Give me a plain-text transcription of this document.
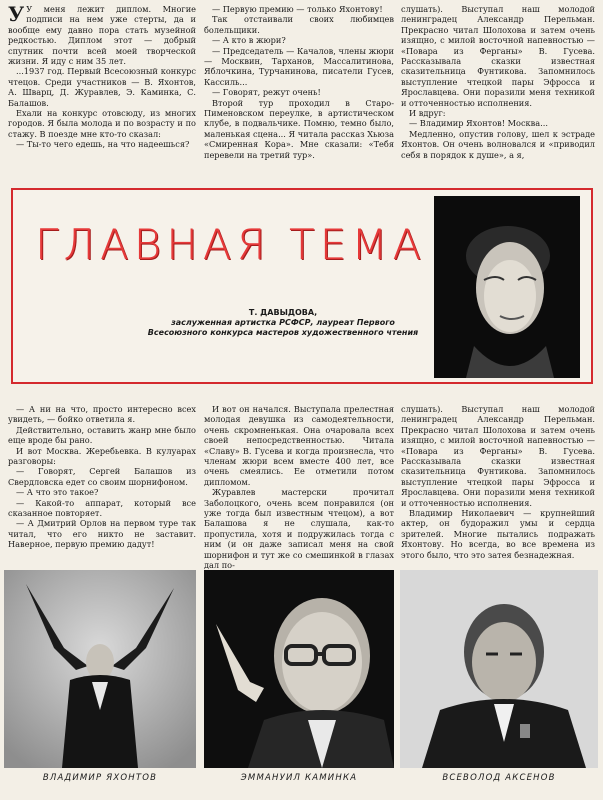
У У меня лежит диплом. Многие подписи на нем уже стерты, да и вообще ему давно пора стать музейной редкостью. Диплом этот — добрый спутник почти всей моей творческой жизни. Я иду с ним 35 лет.

...1937 год. Первый Всесоюзный конкурс чтецов. Среди участников — В. Яхонтов, А. Шварц, Д. Журавлев, Э. Каминка, С. Балашов.

Ехали на конкурс отовсюду, из многих городов. Я была молода и по возрасту и по стажу. В поезде мне кто-то сказал:

— Ты-то чего едешь, на что надеешься?

— Первую премию — только Яхонтову!

Так отстаивали своих любимцев болельщики.

— А кто в жюри?

— Председатель — Качалов, члены жюри — Москвин, Тарханов, Массалитинова, Яблочкина, Турчанинова, писатели Гусев, Кассиль...

— Говорят, режут очень!

Второй тур проходил в Старо-Пименовском переулке, в артистическом клубе, в подвальчике. Помню, темно было, маленькая сцена... Я читала рассказ Хьюза «Смиренная Кора». Мне сказали: «Тебя перевели на третий тур».

слушать). Выступал наш молодой ленинградец Александр Перельман. Прекрасно читал Шолохова и затем очень изящно, с милой восточной напевностью — «Повара из Ферганы» В. Гусева. Рассказывала сказки известная сказительница Фунтикова. Запомнилось выступление чтецкой пары Эфросса и Ярославцева. Они поразили меня техникой и отточенностью исполнения.

И вдруг:

— Владимир Яхонтов! Москва...

Медленно, опустив голову, шел к эстраде Яхонтов. Он очень волновался и «приводил себя в порядок к душе», а я,

ГЛАВНАЯ ТЕМА
Т. ДАВЫДОВА,
заслуженная артистка РСФСР, лауреат Первого Всесоюзного конкурса мастеров художественного чтения

— А ни на что, просто интересно всех увидеть, — бойко ответила я.

Действительно, оставить жанр мне было еще вроде бы рано.

И вот Москва. Жеребьевка. В кулуарах разговоры:

— Говорят, Сергей Балашов из Свердловска едет со своим шорнифоном.

— А что это такое?

— Какой-то аппарат, который все сказанное повторяет.

— А Дмитрий Орлов на первом туре так читал, что его никто не заставит. Наверное, первую премию дадут!

И вот он начался. Выступала прелестная молодая девушка из самодеятельности, очень скромненькая. Она очаровала всех своей непосредственностью. Читала «Славу» В. Гусева и когда произнесла, что членам жюри всем вместе 400 лет, все очень смеялись. Ее отметили потом дипломом.

Журавлев мастерски прочитал Заболоцкого, очень всем понравился (он уже тогда был известным чтецом), а вот Балашова я не слушала, как-то пропустила, хотя и подружилась тогда с ним (и он даже записал меня на свой шорнифон и тут же со смешинкой в глазах дал по-

слушать). Выступал наш молодой ленинградец Александр Перельман. Прекрасно читал Шолохова и затем очень изящно, с милой восточной напевностью — «Повара из Ферганы» В. Гусева. Рассказывала сказки известная сказительница Фунтикова. Запомнилось выступление чтецкой пары Эфросса и Ярославцева. Они поразили меня техникой и отточенностью исполнения.

Владимир Николаевич — крупнейший актер, он будоражил умы и сердца зрителей. Многие пытались подражать Яхонтову. Но всегда, во все времена из этого было, что это затея безнадежная.

ВЛАДИМИР ЯХОНТОВ	ЭММАНУИЛ КАМИНКА	ВСЕВОЛОД АКСЕНОВ
